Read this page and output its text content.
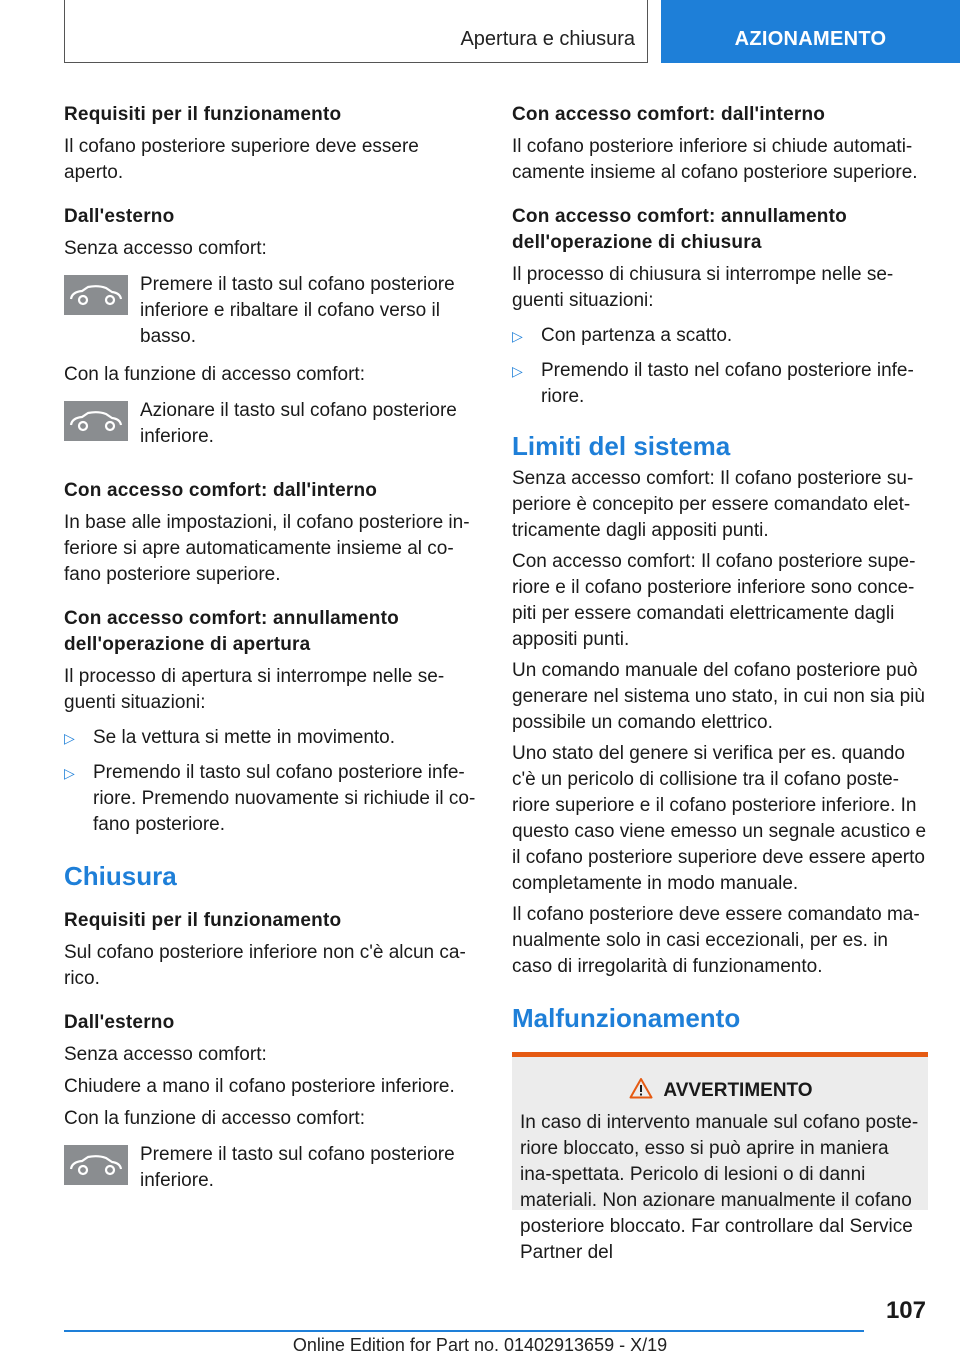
Apertura e chiusura	AZIONAMENTO

Requisiti per il funzionamento

Il cofano posteriore superiore deve essere aperto.

Dall'esterno

Senza accesso comfort:

Premere il tasto sul cofano posteriore inferiore e ribaltare il cofano verso il basso.

Con la funzione di accesso comfort:

Azionare il tasto sul cofano posteriore inferiore.

Con accesso comfort: dall'interno

In base alle impostazioni, il cofano posteriore in-feriore si apre automaticamente insieme al co-fano posteriore superiore.

Con accesso comfort: annullamento dell'operazione di apertura

Il processo di apertura si interrompe nelle se-guenti situazioni:

▷ Se la vettura si mette in movimento.
▷ Premendo il tasto sul cofano posteriore infe-riore. Premendo nuovamente si richiude il co-fano posteriore.

Chiusura

Requisiti per il funzionamento

Sul cofano posteriore inferiore non c'è alcun ca-rico.

Dall'esterno

Senza accesso comfort:

Chiudere a mano il cofano posteriore inferiore.

Con la funzione di accesso comfort:

Premere il tasto sul cofano posteriore inferiore.

Con accesso comfort: dall'interno

Il cofano posteriore inferiore si chiude automati-camente insieme al cofano posteriore superiore.

Con accesso comfort: annullamento dell'operazione di chiusura

Il processo di chiusura si interrompe nelle se-guenti situazioni:

▷ Con partenza a scatto.
▷ Premendo il tasto nel cofano posteriore infe-riore.

Limiti del sistema

Senza accesso comfort: Il cofano posteriore su-periore è concepito per essere comandato elet-tricamente dagli appositi punti.

Con accesso comfort: Il cofano posteriore supe-riore e il cofano posteriore inferiore sono conce-piti per essere comandati elettricamente dagli appositi punti.

Un comando manuale del cofano posteriore può generare nel sistema uno stato, in cui non sia più possibile un comando elettrico.

Uno stato del genere si verifica per es. quando c'è un pericolo di collisione tra il cofano poste-riore superiore e il cofano posteriore inferiore. In questo caso viene emesso un segnale acustico e il cofano posteriore superiore deve essere aperto completamente in modo manuale.

Il cofano posteriore deve essere comandato ma-nualmente solo in casi eccezionali, per es. in caso di irregolarità di funzionamento.

Malfunzionamento

AVVERTIMENTO

In caso di intervento manuale sul cofano poste-riore bloccato, esso si può aprire in maniera ina-spettata. Pericolo di lesioni o di danni materiali. Non azionare manualmente il cofano posteriore bloccato. Far controllare dal Service Partner del

107
Online Edition for Part no. 01402913659 - X/19
